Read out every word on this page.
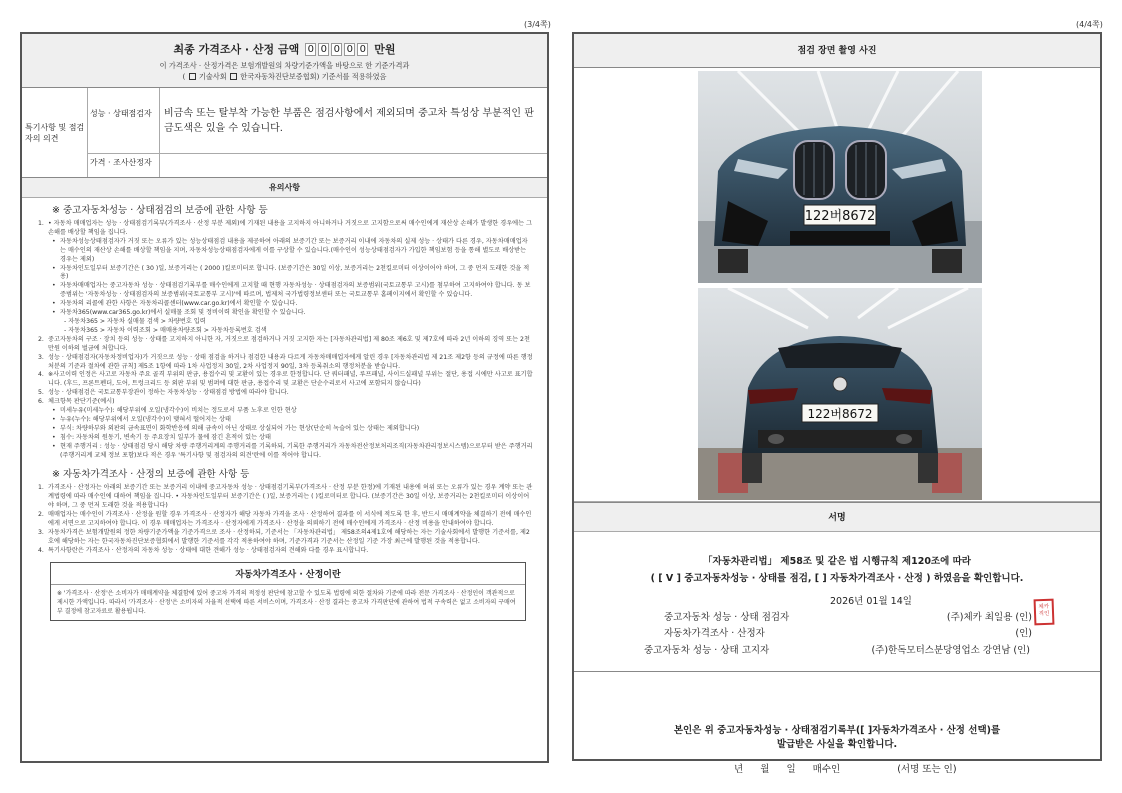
(3/4쪽)
최종 가격조사 · 산정 금액 0 0 0 0 0 만원
이 가격조사 · 산정가격은 보험개발원의 차량기준가액을 바탕으로 한 기준가격과
(  기술사회 한국자동차진단보증협회) 기준서를 적용하였음
특기사항 및 점검자의 의견
성능 · 상태점검자	비금속 또는 탈부착 가능한 부품은 점검사항에서 제외되며 중고차 특성상 부분적인 판금도색은 있을 수 있습니다.
가격 · 조사산정자
유의사항
※ 중고자동차성능 · 상태점검의 보증에 관한 사항 등
1. • 자동차 매매업자는 성능 · 상태점검기록부(가격조사 · 산정 부분 제외)에 기재된 내용을 고지하지 아니하거나 거짓으로 고지함으로써 매수인에게 재산상 손해가 발생한 경우에는 그 손해를 배상할 책임을 집니다.
• 자동차성능상태점검자가 거짓 또는 오류가 있는 성능상태점검 내용을 제공하여 아래의 보증기간 또는 보증거리 이내에 자동차의 실제 성능 · 상태가 다른 경우, 자동차매매업자는 매수인의 재산상 손해를 배상할 책임을 지며, 자동차성능상태점검자에게 이를 구상할 수 있습니다.(매수인이 성능상태점검자가 가입한 책임보험 등을 통해 별도로 배상받는 경우는 제외)
• 자동차인도일부터 보증기간은 ( 30 )일, 보증거리는 ( 2000 )킬로미터로 합니다. (보증기간은 30일 이상, 보증거리는 2천킬로미터 이상이어야 하며, 그 중 먼저 도래한 것을 적용)
• 자동차매매업자는 중고자동차 성능 · 상태점검기록부를 매수인에게 고지할 때 현행 자동차성능 · 상태점검자의 보증범위(국토교통부 고시)를 첨부하여 고지하여야 합니다. 동 보증범위는 '자동차성능 · 상태점검자의 보증범위(국토교통부 고시)'에 따르며, 법제처 국가법령정보센터 또는 국토교통부 홈페이지에서 확인할 수 있습니다.
• 자동차의 리콜에 관한 사항은 자동차리콜센터(www.car.go.kr)에서 확인할 수 있습니다.
• 자동차365(www.car365.go.kr)에서 실매물 조회 및 정비이력 확인을 확인할 수 있습니다.
- 자동차365 > 자동차 실매물 검색 > 차량번호 입력
- 자동차365 > 자동차 이력조회 > 매매용차량조회 > 자동차등록번호 검색
2. 중고자동차의 구조 · 장치 등의 성능 · 상태를 고지하지 아니한 자, 거짓으로 점검하거나 거짓 고지한 자는 [자동차관리법] 제 80조 제6호 및 제7호에 따라 2년 이하의 징역 또는 2천만원 이하의 벌금에 처합니다.
3. 성능 · 상태점검자(자동차정비업자)가 거짓으로 성능 · 상태 점검을 하거나 점검한 내용과 다르게 자동차매매업자에게 알린 경우 [자동차관리법 제 21조 제2항 등의 규정에 따른 행정처분의 기준과 절차에 관한 규칙] 제5조 1항에 따라 1차 사업정지 30일, 2차 사업정지 90일, 3차 등록취소의 행정처분을 받습니다.
4. ※사고이력 인정은 사고로 자동차 주요 골격 부위의 판금, 용접수리 및 교환이 있는 경우로 한정합니다. 단 쿼터패널, 루프패널, 사이드실패널 부위는 절단, 용접 시에만 사고로 표기합니다. (후드, 프론트펜더, 도어, 트렁크리드 등 외판 부위 및 범퍼에 대한 판금, 용접수리 및 교환은 단순수리로서 사고에 포함되지 않습니다)
5. 성능 · 상태점검은 국토교통부장관이 정하는 자동차성능 · 상태점검 방법에 따라야 합니다.
6. 체크항목 판단기준(예시)
• 미세누유(미세누수): 해당부위에 오일(냉각수)이 비치는 정도로서 부품 노후로 인한 현상
• 누유(누수): 해당부위에서 오일(냉각수)이 맺혀서 떨어지는 상태
• 부식: 차량하부와 외판의 금속표면이 화학반응에 의해 금속이 아닌 상태로 상실되어 가는 현상(단순히 녹슬어 있는 상태는 제외합니다)
• 침수: 자동차의 원동기, 변속기 등 주요장치 일부가 물에 잠긴 흔적이 있는 상태
• 현재 주행거리 : 성능 · 상태점검 당시 해당 차량 주행거리계의 주행거리를 기록하되, 기록한 주행거리가 자동차전산정보처리조직(자동차관리정보시스템)으로부터 받은 주행거리(주행거리계 교체 정보 포함)보다 적은 경우 '특기사항 및 점검자의 의견'란에 이를 적어야 합니다.
※ 자동차가격조사 · 산정의 보증에 관한 사항 등
1. 가격조사 · 산정자는 아래의 보증기간 또는 보증거리 이내에 중고자동차 성능 · 상태점검기록부(가격조사 · 산정 부분 한정)에 기재된 내용에 허위 또는 오류가 있는 경우 계약 또는 관계법령에 따라 매수인에 대하여 책임을 집니다. • 자동차인도일부터 보증기간은 ( )일, 보증거리는 ( )킬로미터로 합니다. (보증기간은 30일 이상, 보증거리는 2천킬로미터 이상이어야 하며, 그 중 먼저 도래한 것을 적용합니다)
2. 매매업자는 매수인이 가격조사 · 산정을 원할 경우 가격조사 · 산정자가 해당 자동차 가격을 조사 · 산정하여 결과를 이 서식에 적도록 한 후, 반드시 매매계약을 체결하기 전에 매수인에게 서면으로 고지하여야 합니다. 이 경우 매매업자는 가격조사 · 산정자에게 가격조사 · 산정을 의뢰하기 전에 매수인에게 가격조사 · 산정 비용을 안내하여야 합니다.
3. 자동차가격은 보험개발원의 정한 차량기준가액을 기준가격으로 조사 · 산정하되, 기준서는 「자동차관리법」 제58조의4제1호에 해당하는 자는 기술사회에서 발행한 기준서를, 제2호에 해당하는 자는 한국자동차진단보증협회에서 발행한 기준서를 각각 적용하여야 하며, 기준가격과 기준서는 산정일 기준 가장 최근에 발행된 것을 적용합니다.
4. 특기사항란은 가격조사 · 산정자의 자동차 성능 · 상태에 대한 견해가 성능 · 상태점검자의 견해와 다를 경우 표시합니다.
자동차가격조사 · 산정이란
※ '가격조사 · 산정'은 소비자가 매매계약을 체결함에 있어 중고차 가격의 적정성 판단에 참고할 수 있도록 법령에 의한 절차와 기준에 따라 전문 가격조사 · 산정인이 객관적으로 제시한 가액입니다. 따라서 '가격조사 · 산정'은 소비자의 자율적 선택에 따른 서비스이며, 가격조사 · 산정 결과는 중고차 가격판단에 관하여 법적 구속력은 없고 소비자의 구매여부 결정에 참고자료로 활용됩니다.
(4/4쪽)
점검 장면 촬영 사진
122버8672
122버8672
서명
「자동차관리법」 제58조 및 같은 법 시행규칙 제120조에 따라
( [ V ] 중고자동차성능 · 상태를 점검, [ ] 자동차가격조사 · 산정 ) 하였음을 확인합니다.
2026년 01월 14일
중고자동차 성능 · 상태 점검자	(주)체카 최일용 (인)
자동차가격조사 · 산정자	(인)
중고자동차 성능 · 상태 고지자	(주)한독모터스분당영업소 강연남 (인)
체카
직인
본인은 위 중고자동차성능 · 상태점검기록부([ ]자동차가격조사 · 산정 선택)를
발급받은 사실을 확인합니다.
년 월 일 매수인	(서명 또는 인)
